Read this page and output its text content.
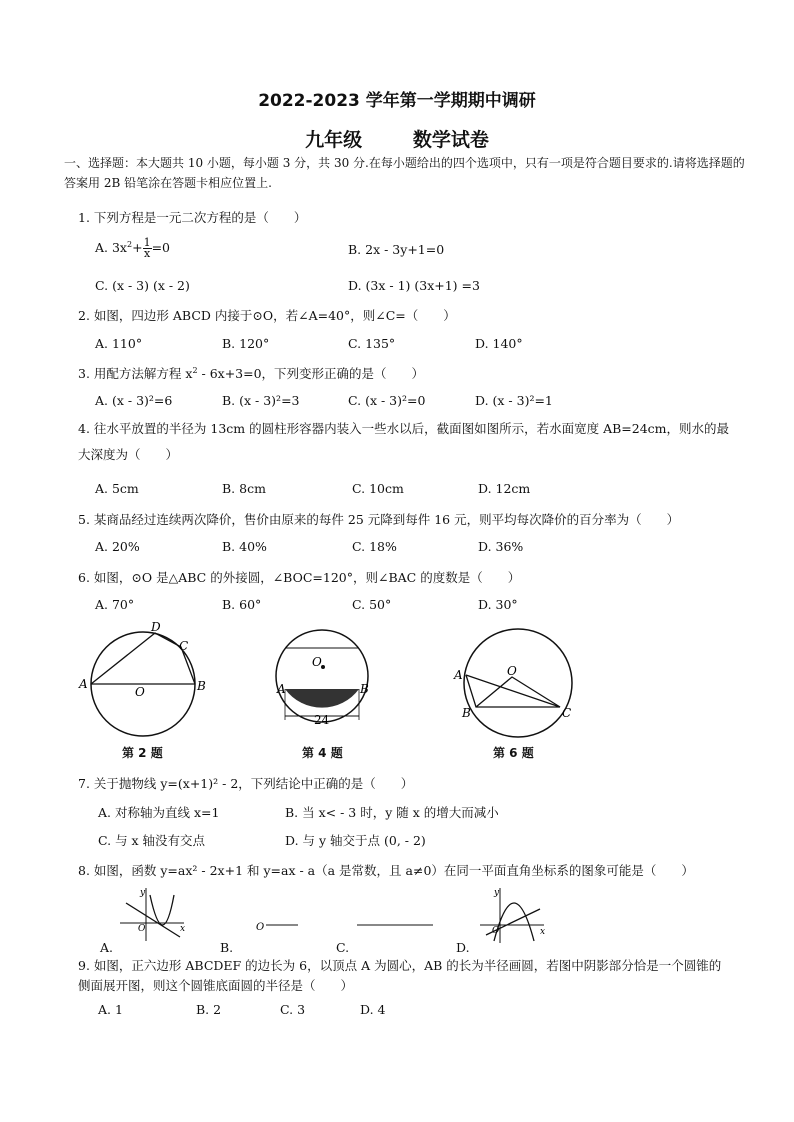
2022-2023 学年第一学期期中调研
九年级	数学试卷
一、选择题：本大题共 10 小题，每小题 3 分，共 30 分.在每小题给出的四个选项中，只有一项是符合题目要求的.请将选择题的答案用 2B 铅笔涂在答题卡相应位置上.
1. 下列方程是一元二次方程的是（　　）
A. $3x^2+ \frac{1}{x} =0$	B. 2x - 3y+1=0
C. (x - 3) (x - 2)	D. (3x - 1) (3x+1) =3
2. 如图，四边形 ABCD 内接于⊙O，若∠A=40°，则∠C=（　　）
A. 110°	B. 120°	C. 135°	D. 140°
3. 用配方法解方程 $x^2 - 6x+3=0$，下列变形正确的是（　　）
A. (x - 3)²=6	B. (x - 3)²=3	C. (x - 3)²=0	D. (x - 3)²=1
4. 往水平放置的半径为 13cm 的圆柱形容器内装入一些水以后，截面图如图所示，若水面宽度 AB=24cm，则水的最大深度为（　　）
A. 5cm	B. 8cm	C. 10cm	D. 12cm
5. 某商品经过连续两次降价，售价由原来的每件 25 元降到每件 16 元，则平均每次降价的百分率为（　　）
A. 20%	B. 40%	C. 18%	D. 36%
6. 如图，⊙O 是△ABC 的外接圆，∠BOC=120°，则∠BAC 的度数是（　　）
A. 70°	B. 60°	C. 50°	D. 30°
A	B
C
D
O
第 2 题
A	B
O
24
第 4 题
A
B	C
O
第 6 题
7. 关于抛物线 y=(x+1)² - 2，下列结论中正确的是（　　）
A. 对称轴为直线 x=1	B. 当 x< - 3 时，y 随 x 的增大而减小
C. 与 x 轴没有交点	D. 与 y 轴交于点 (0, - 2)
8. 如图，函数 y=ax² - 2x+1 和 y=ax - a（a 是常数，且 a≠0）在同一平面直角坐标系的图象可能是（　　）
y
x
O	O
y
x
O
A.	B.	C.	D.
9. 如图，正六边形 ABCDEF 的边长为 6，以顶点 A 为圆心，AB 的长为半径画圆，若图中阴影部分恰是一个圆锥的侧面展开图，则这个圆锥底面圆的半径是（　　）
A. 1	B. 2	C. 3	D. 4
